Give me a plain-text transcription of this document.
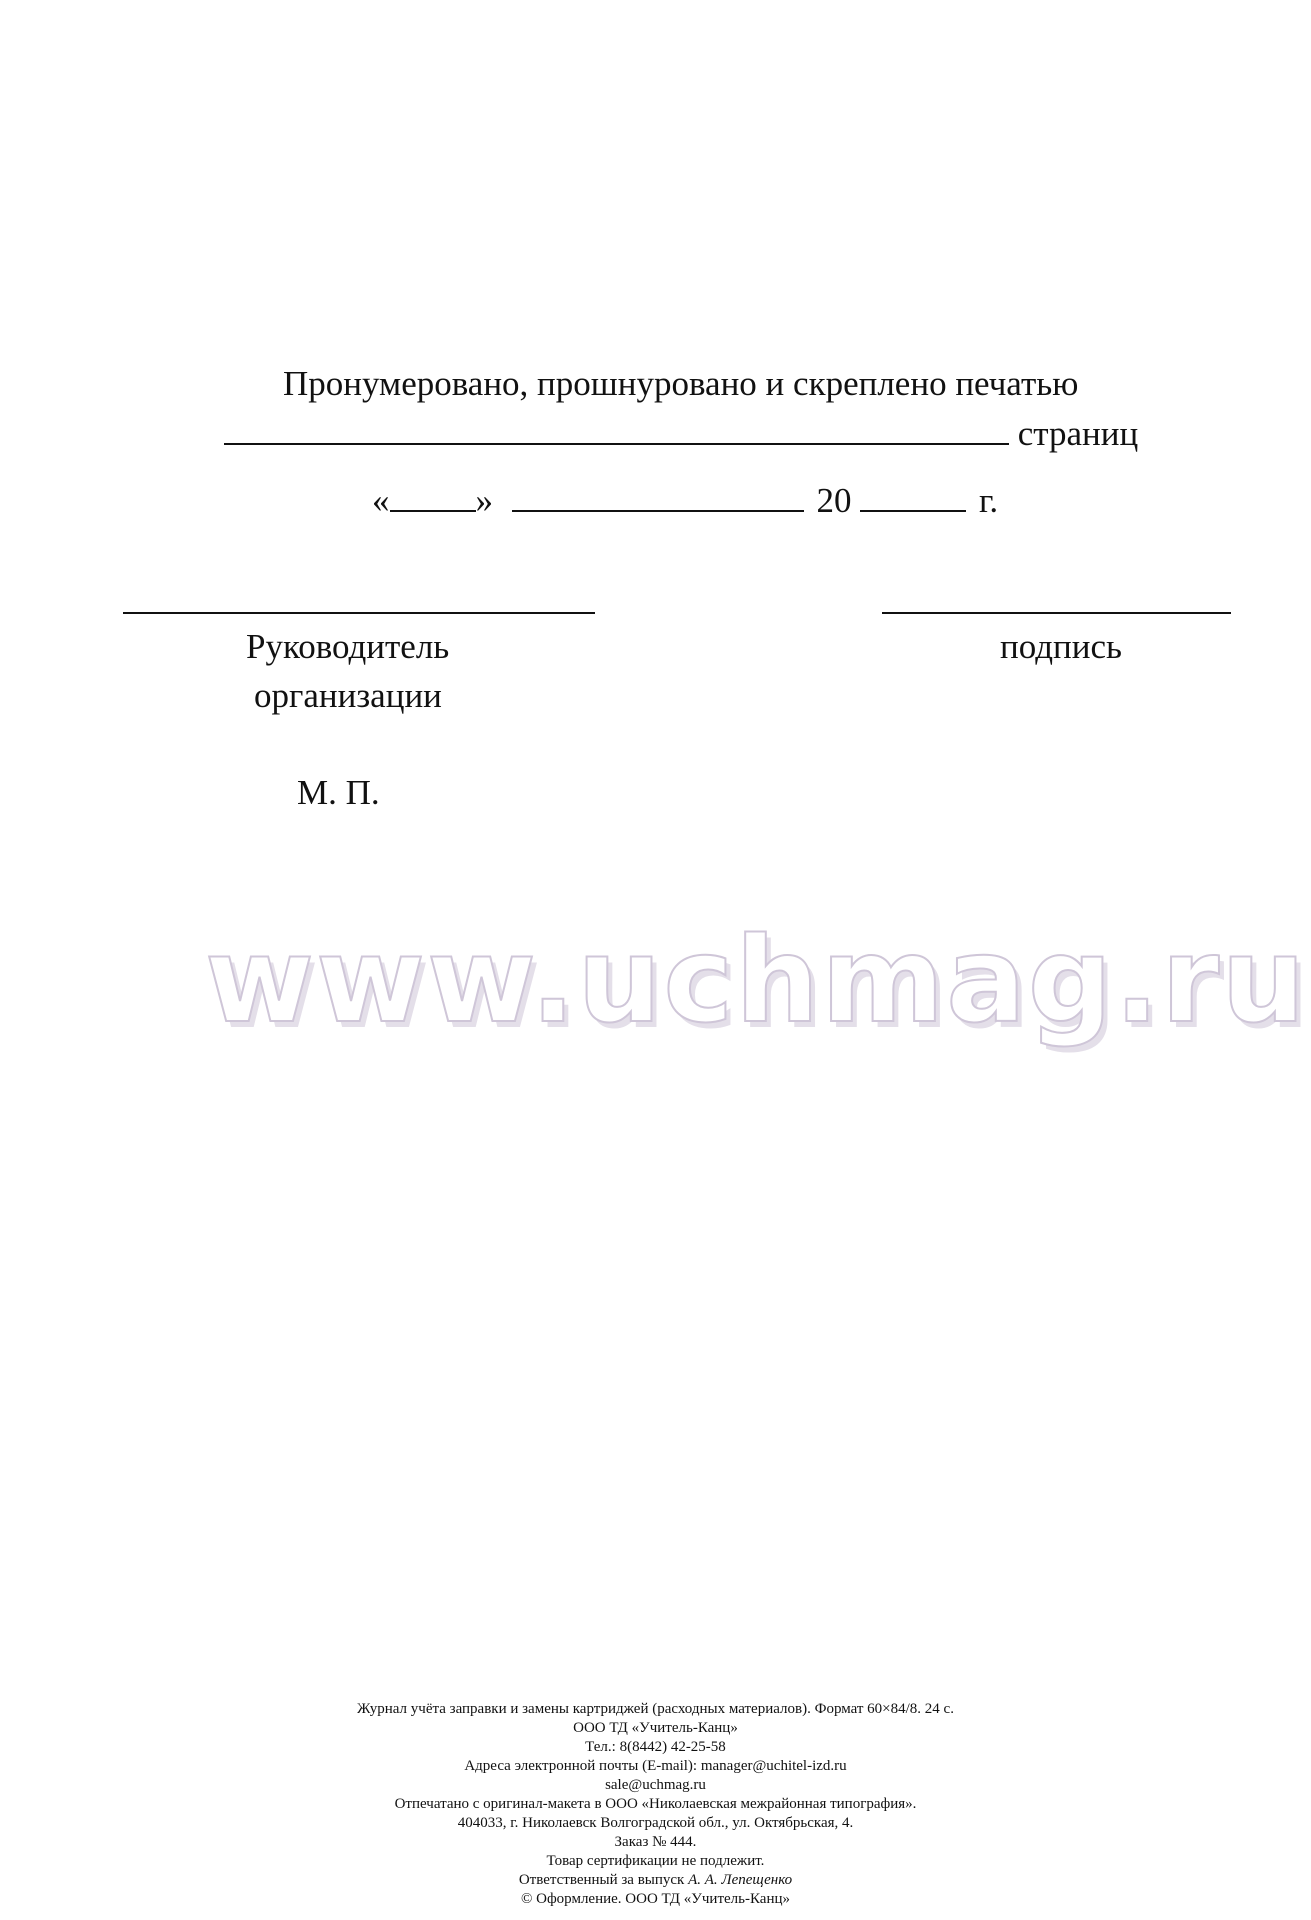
Пронумеровано, прошнуровано и скреплено печатью
страниц
« »	20	г.
Руководитель
организации
подпись
М. П.
www.uchmag.ru
Журнал учёта заправки и замены картриджей (расходных материалов). Формат 60×84/8. 24 с.
ООО ТД «Учитель-Канц»
Тел.: 8(8442) 42-25-58
Адреса электронной почты (E-mail): manager@uchitel-izd.ru
sale@uchmag.ru
Отпечатано с оригинал-макета в ООО «Николаевская межрайонная типография».
404033, г. Николаевск Волгоградской обл., ул. Октябрьская, 4.
Заказ № 444.
Товар сертификации не подлежит.
Ответственный за выпуск А. А. Лепещенко
© Оформление. ООО ТД «Учитель-Канц»
